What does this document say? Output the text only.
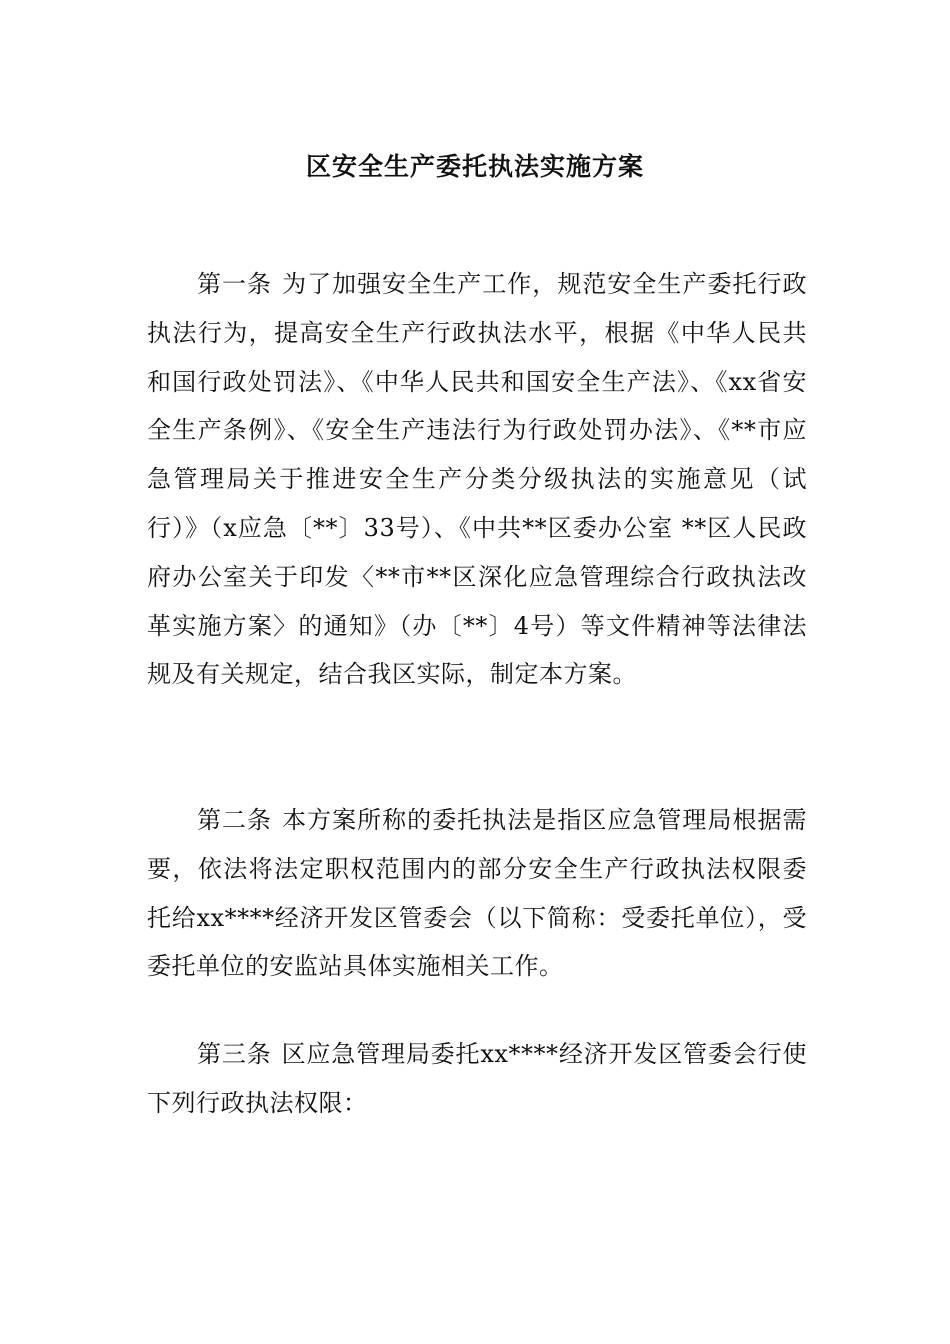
区安全生产委托执法实施方案

第一条 为了加强安全生产工作，规范安全生产委托行政执法行为，提高安全生产行政执法水平，根据《中华人民共和国行政处罚法》、《中华人民共和国安全生产法》、《xx省安全生产条例》、《安全生产违法行为行政处罚办法》、《**市应急管理局关于推进安全生产分类分级执法的实施意见（试行）》（x应急〔**〕33号）、《中共**区委办公室 **区人民政府办公室关于印发〈**市**区深化应急管理综合行政执法改革实施方案〉的通知》（办〔**〕4号）等文件精神等法律法规及有关规定，结合我区实际，制定本方案。

第二条 本方案所称的委托执法是指区应急管理局根据需要，依法将法定职权范围内的部分安全生产行政执法权限委托给xx****经济开发区管委会（以下简称：受委托单位），受委托单位的安监站具体实施相关工作。

第三条 区应急管理局委托xx****经济开发区管委会行使下列行政执法权限：
